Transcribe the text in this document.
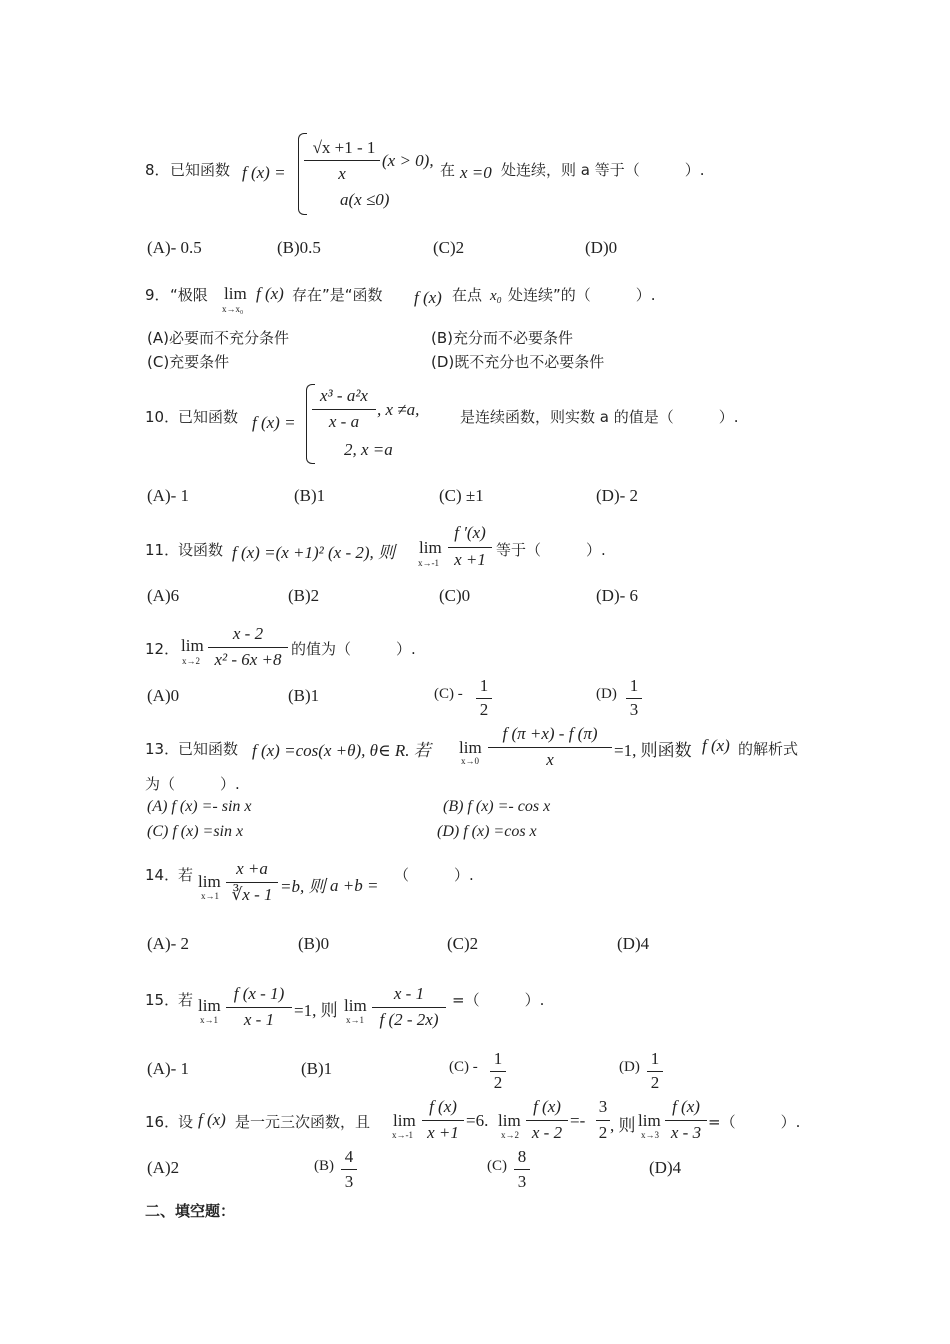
8． 已知函数 f (x) =
√x +1 - 1
x
(x > 0),
a(x ≤0)
在 x =0 处连续，则 a 等于（　　　）.
(A)- 0.5	(B)0.5	(C)2	(D)0
9． “极限 lim
x→x₀
f (x) 存在”是“函数 f (x) 在点 x₀ 处连续”的（　　　）.
(A)必要而不充分条件	(B)充分而不必要条件
(C)充要条件	(D)既不充分也不必要条件
10．
已知函数 f (x) =
x³ - a²x
x - a
, x ≠a,
2, x =a
是连续函数，则实数 a 的值是（　　　）.
(A)- 1	(B)1	(C) ±1	(D)- 2
11．
设函数 f (x) =(x +1)² (x - 2), 则 lim
x→-1
f ′(x)
x +1 等于（　　　）.
(A)6	(B)2	(C)0	(D)- 6
12． lim
x→2
x - 2
x² - 6x +8
的值为（　　　）.
(A)0	(B)1	(C) - 1
2
(D) 1
3
13．
已知函数 f (x) =cos(x +θ), θ∈ R. 若 lim
x→0
f (π +x) - f (π)
x	=1, 则函数 f (x) 的解析式
为（　　　）.
(A) f (x) =- sin x	(B) f (x) =- cos x
(C) f (x) =sin x	(D) f (x) =cos x
14．
若 lim
x→1
x +a
∛x - 1 =b, 则 a +b =
（　　　）.
(A)- 2	(B)0	(C)2	(D)4
15．
若 lim
x→1
f (x - 1)
x - 1	=1, 则 lim
x→1
x - 1
f (2 - 2x)
=（　　　）.
(A)- 1	(B)1	(C) - 1
2
(D) 1
2
16．
设 f (x) 是一元三次函数，且 lim
x→-1
f (x)
x +1
=6. lim
x→2
f (x)
x - 2
=-
3
2 , 则 lim
x→3
f (x)
x - 3
=（　　　）.
(A)2	(B) 4
3
(C) 8
3
(D)4
二、填空题：
